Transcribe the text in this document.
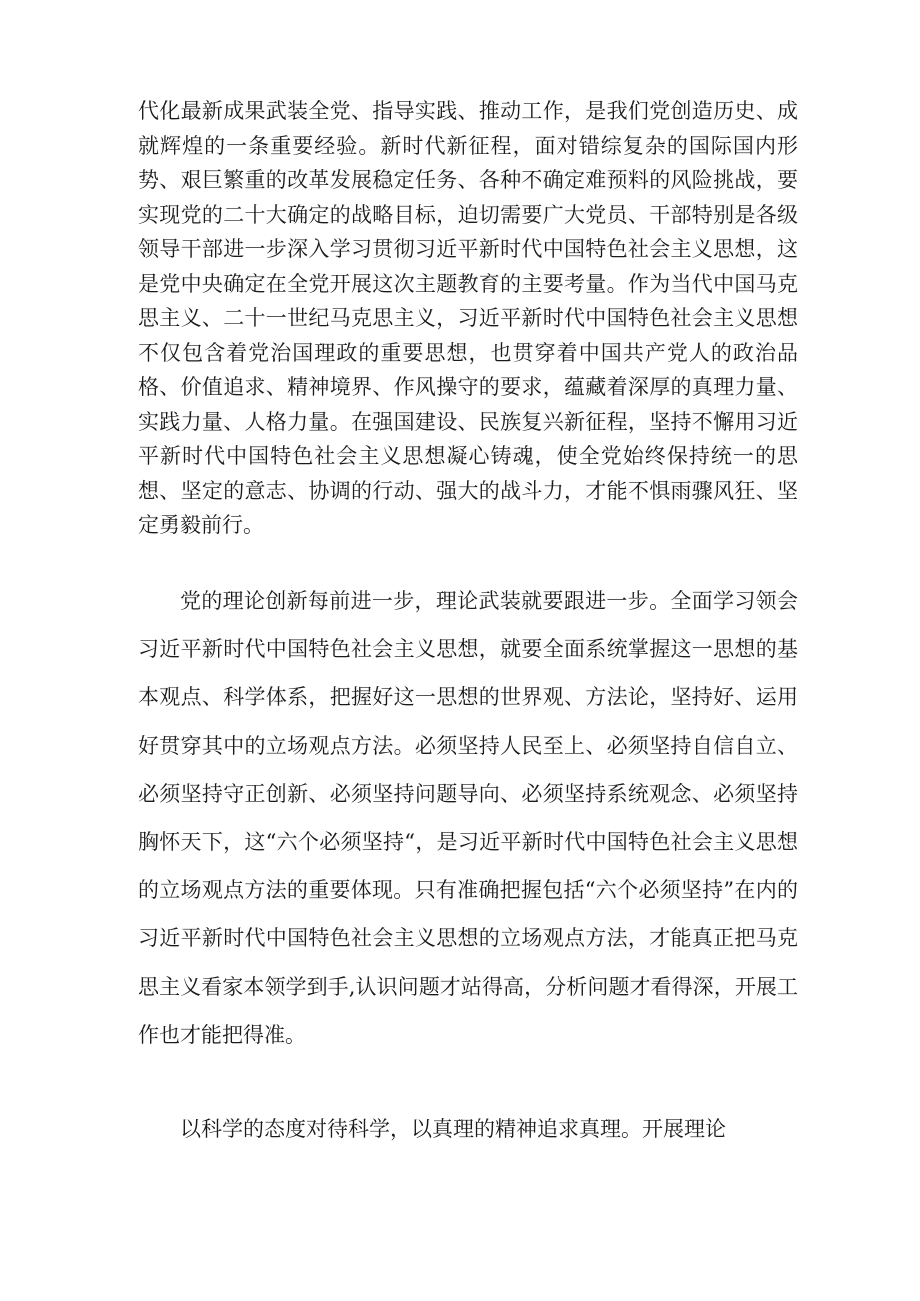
代化最新成果武装全党、指导实践、推动工作，是我们党创造历史、成就辉煌的一条重要经验。新时代新征程，面对错综复杂的国际国内形势、艰巨繁重的改革发展稳定任务、各种不确定难预料的风险挑战，要实现党的二十大确定的战略目标，迫切需要广大党员、干部特别是各级领导干部进一步深入学习贯彻习近平新时代中国特色社会主义思想，这是党中央确定在全党开展这次主题教育的主要考量。作为当代中国马克思主义、二十一世纪马克思主义，习近平新时代中国特色社会主义思想不仅包含着党治国理政的重要思想，也贯穿着中国共产党人的政治品格、价值追求、精神境界、作风操守的要求，蕴藏着深厚的真理力量、实践力量、人格力量。在强国建设、民族复兴新征程，坚持不懈用习近平新时代中国特色社会主义思想凝心铸魂，使全党始终保持统一的思想、坚定的意志、协调的行动、强大的战斗力，才能不惧雨骤风狂、坚定勇毅前行。

党的理论创新每前进一步，理论武装就要跟进一步。全面学习领会习近平新时代中国特色社会主义思想，就要全面系统掌握这一思想的基本观点、科学体系，把握好这一思想的世界观、方法论，坚持好、运用好贯穿其中的立场观点方法。必须坚持人民至上、必须坚持自信自立、必须坚持守正创新、必须坚持问题导向、必须坚持系统观念、必须坚持胸怀天下，这“六个必须坚持“，是习近平新时代中国特色社会主义思想的立场观点方法的重要体现。只有准确把握包括“六个必须坚持”在内的习近平新时代中国特色社会主义思想的立场观点方法，才能真正把马克思主义看家本领学到手,认识问题才站得高，分析问题才看得深，开展工作也才能把得准。

以科学的态度对待科学，以真理的精神追求真理。开展理论
